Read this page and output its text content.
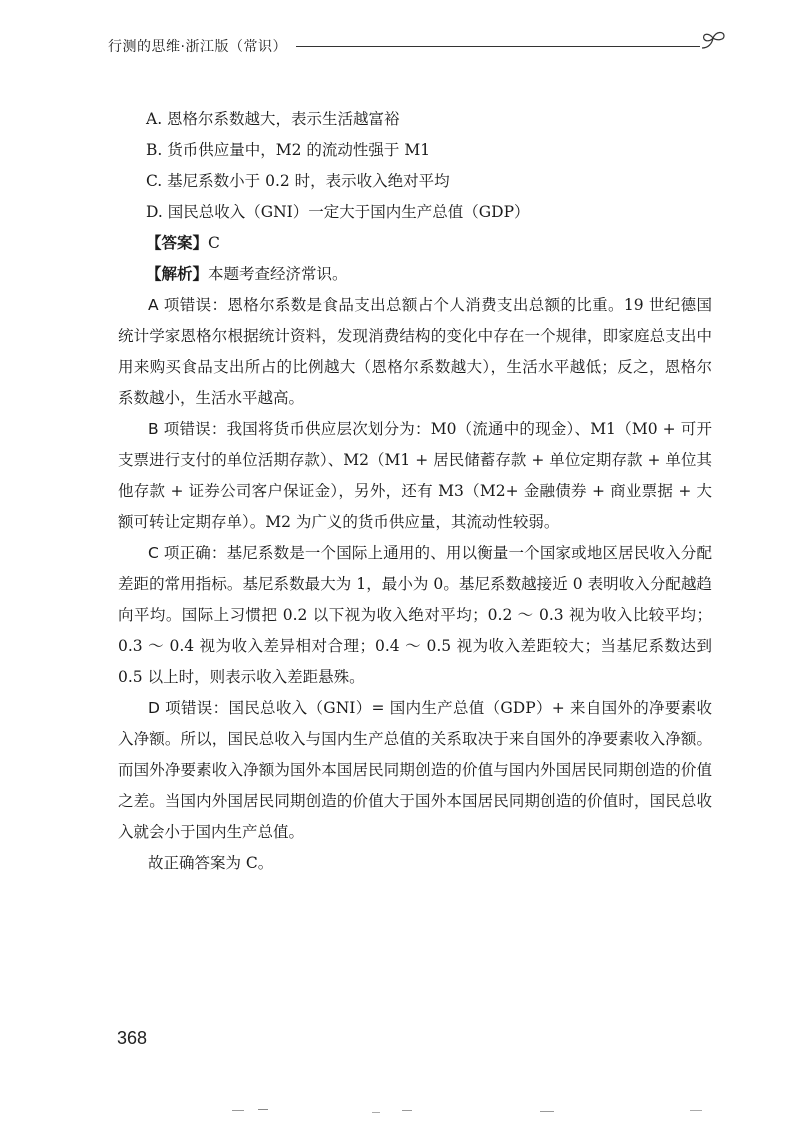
行测的思维·浙江版（常识）

A. 恩格尔系数越大，表示生活越富裕

B. 货币供应量中，M2 的流动性强于 M1

C. 基尼系数小于 0.2 时，表示收入绝对平均

D. 国民总收入（GNI）一定大于国内生产总值（GDP）

【答案】C

【解析】本题考查经济常识。

A 项错误：恩格尔系数是食品支出总额占个人消费支出总额的比重。19 世纪德国统计学家恩格尔根据统计资料，发现消费结构的变化中存在一个规律，即家庭总支出中用来购买食品支出所占的比例越大（恩格尔系数越大），生活水平越低；反之，恩格尔系数越小，生活水平越高。

B 项错误：我国将货币供应层次划分为：M0（流通中的现金）、M1（M0 + 可开支票进行支付的单位活期存款）、M2（M1 + 居民储蓄存款 + 单位定期存款 + 单位其他存款 + 证券公司客户保证金），另外，还有 M3（M2+ 金融债券 + 商业票据 + 大额可转让定期存单）。M2 为广义的货币供应量，其流动性较弱。

C 项正确：基尼系数是一个国际上通用的、用以衡量一个国家或地区居民收入分配差距的常用指标。基尼系数最大为 1，最小为 0。基尼系数越接近 0 表明收入分配越趋向平均。国际上习惯把 0.2 以下视为收入绝对平均；0.2 ～ 0.3 视为收入比较平均；0.3 ～ 0.4 视为收入差异相对合理；0.4 ～ 0.5 视为收入差距较大；当基尼系数达到 0.5 以上时，则表示收入差距悬殊。

D 项错误：国民总收入（GNI）= 国内生产总值（GDP）+ 来自国外的净要素收入净额。所以，国民总收入与国内生产总值的关系取决于来自国外的净要素收入净额。而国外净要素收入净额为国外本国居民同期创造的价值与国内外国居民同期创造的价值之差。当国内外国居民同期创造的价值大于国外本国居民同期创造的价值时，国民总收入就会小于国内生产总值。

故正确答案为 C。

368
